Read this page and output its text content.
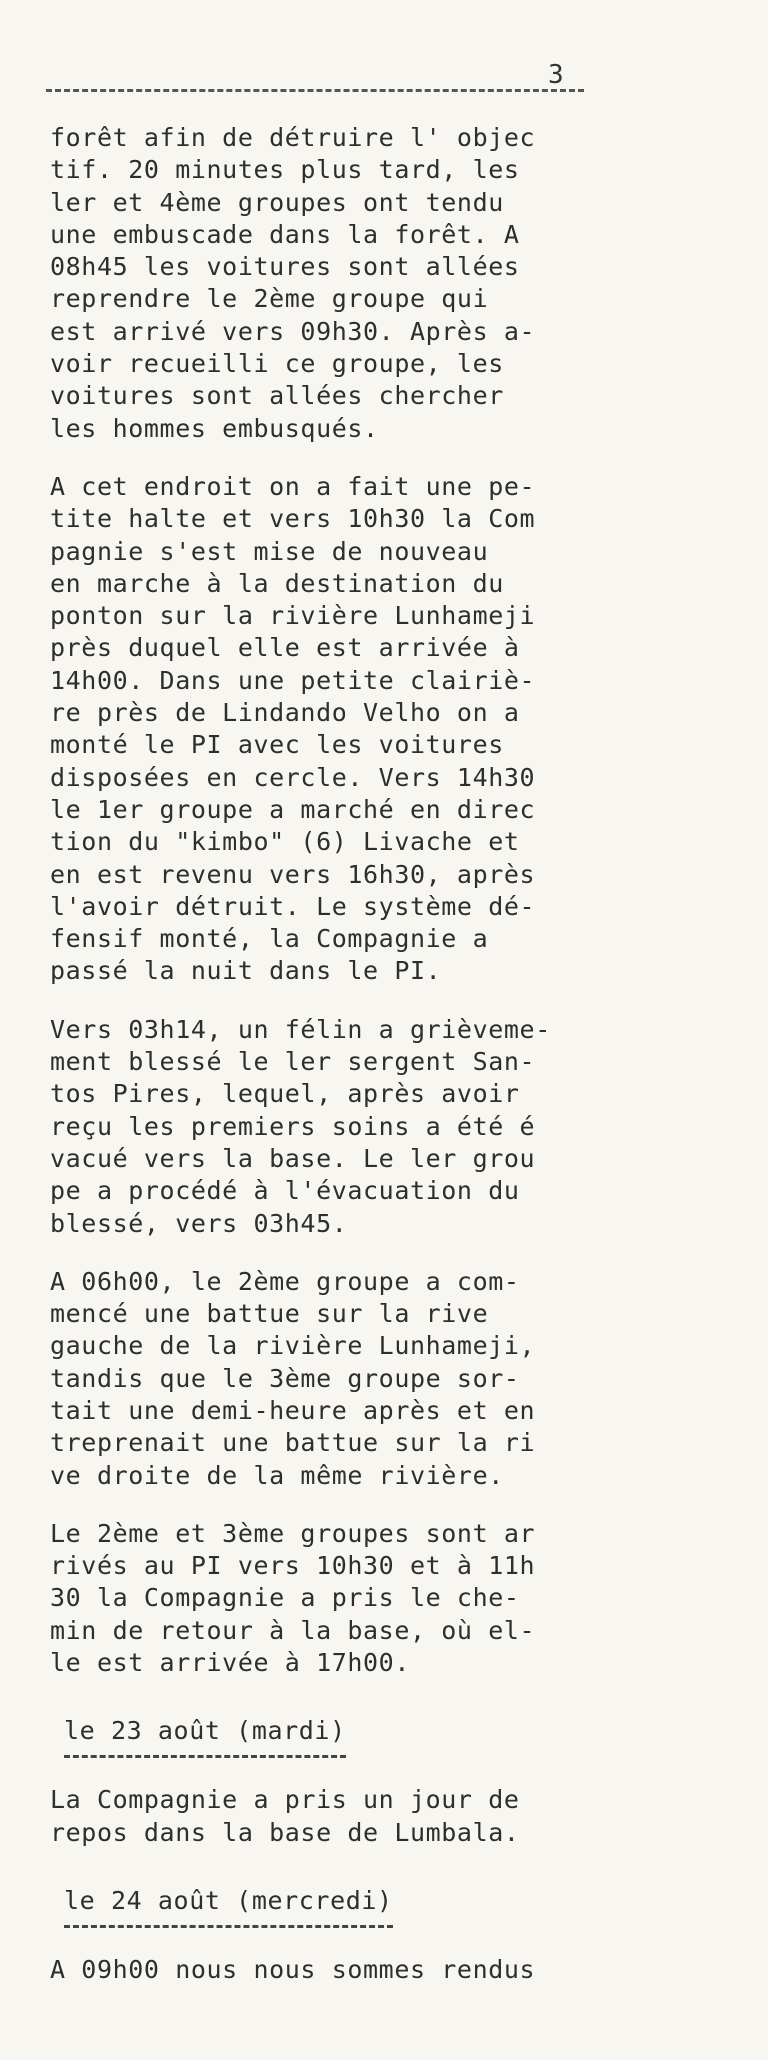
3
forêt afin de détruire l' objec
tif. 20 minutes plus tard, les
ler et 4ème groupes ont tendu
une embuscade dans la forêt. A
08h45 les voitures sont allées
reprendre le 2ème groupe qui
est arrivé vers 09h30. Après a-
voir recueilli ce groupe, les
voitures sont allées chercher
les hommes embusqués.
A cet endroit on a fait une pe-
tite halte et vers 10h30 la Com
pagnie s'est mise de nouveau
en marche à la destination du
ponton sur la rivière Lunhameji
près duquel elle est arrivée à
14h00. Dans une petite clairiè-
re près de Lindando Velho on a
monté le PI avec les voitures
disposées en cercle. Vers 14h30
le 1er groupe a marché en direc
tion du "kimbo" (6) Livache et
en est revenu vers 16h30, après
l'avoir détruit. Le système dé-
fensif monté, la Compagnie a
passé la nuit dans le PI.
Vers 03h14, un félin a grièveme-
ment blessé le ler sergent San-
tos Pires, lequel, après avoir
reçu les premiers soins a été é
vacué vers la base. Le ler grou
pe a procédé à l'évacuation du
blessé, vers 03h45.
A 06h00, le 2ème groupe a com-
mencé une battue sur la rive
gauche de la rivière Lunhameji,
tandis que le 3ème groupe sor-
tait une demi-heure après et en
treprenait une battue sur la ri
ve droite de la même rivière.
Le 2ème et 3ème groupes sont ar
rivés au PI vers 10h30 et à 11h
30 la Compagnie a pris le che-
min de retour à la base, où el-
le est arrivée à 17h00.
le 23 août (mardi)
La Compagnie a pris un jour de
repos dans la base de Lumbala.
le 24 août (mercredi)
A 09h00 nous nous sommes rendus
